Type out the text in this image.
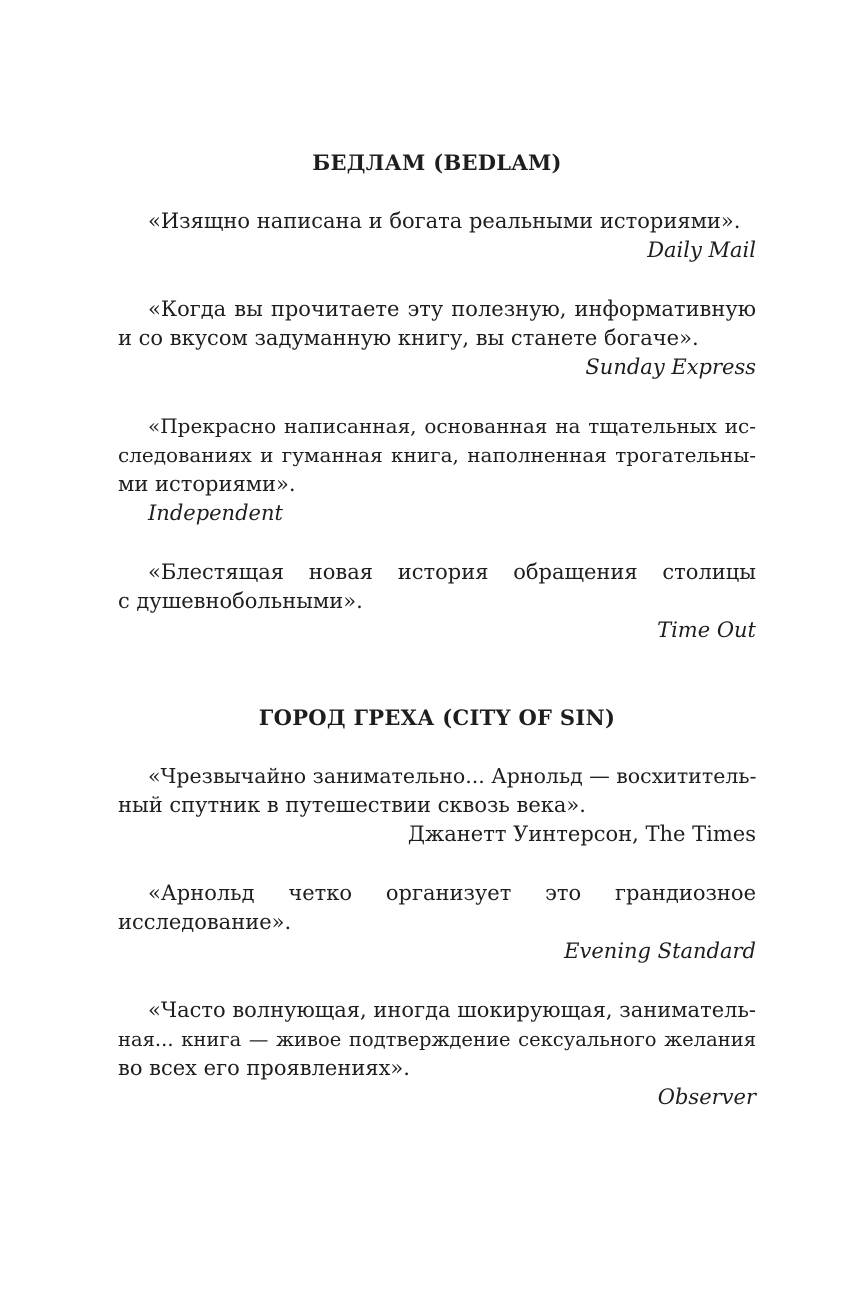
БЕДЛАМ (BEDLAM)

«Изящно написана и богата реальными историями».

Daily Mail

«Когда вы прочитаете эту полезную, информативную

и со вкусом задуманную книгу, вы станете богаче».

Sunday Express

«Прекрасно написанная, основанная на тщательных ис-

следованиях и гуманная книга, наполненная трогательны-

ми историями».

Independent

«Блестящая новая история обращения столицы

с душевнобольными».

Time Out

ГОРОД ГРЕХА (CITY OF SIN)

«Чрезвычайно занимательно... Арнольд — восхититель-

ный спутник в путешествии сквозь века».

Джанетт Уинтерсон, The Times

«Арнольд четко организует это грандиозное

исследование».

Evening Standard

«Часто волнующая, иногда шокирующая, заниматель-

ная... книга — живое подтверждение сексуального желания

во всех его проявлениях».

Observer
